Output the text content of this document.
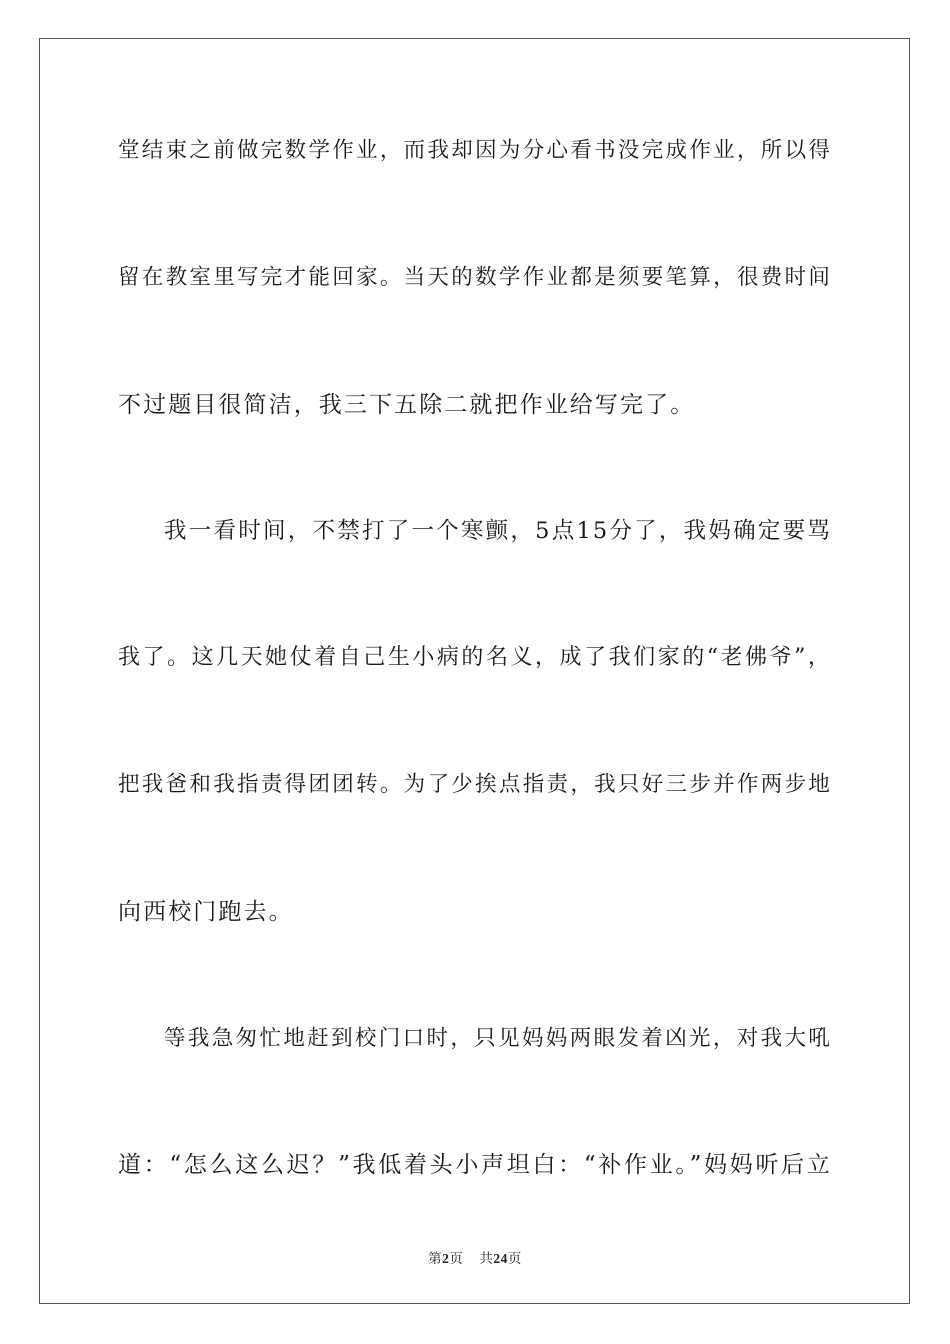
堂结束之前做完数学作业，而我却因为分心看书没完成作业，所以得
留在教室里写完才能回家。当天的数学作业都是须要笔算，很费时间
不过题目很简洁，我三下五除二就把作业给写完了。
我一看时间，不禁打了一个寒颤，5点15分了，我妈确定要骂
我了。这几天她仗着自己生小病的名义，成了我们家的“老佛爷”，
把我爸和我指责得团团转。为了少挨点指责，我只好三步并作两步地
向西校门跑去。
等我急匆忙地赶到校门口时，只见妈妈两眼发着凶光，对我大吼
道：“怎么这么迟？”我低着头小声坦白：“补作业。”妈妈听后立
第2页 共24页
